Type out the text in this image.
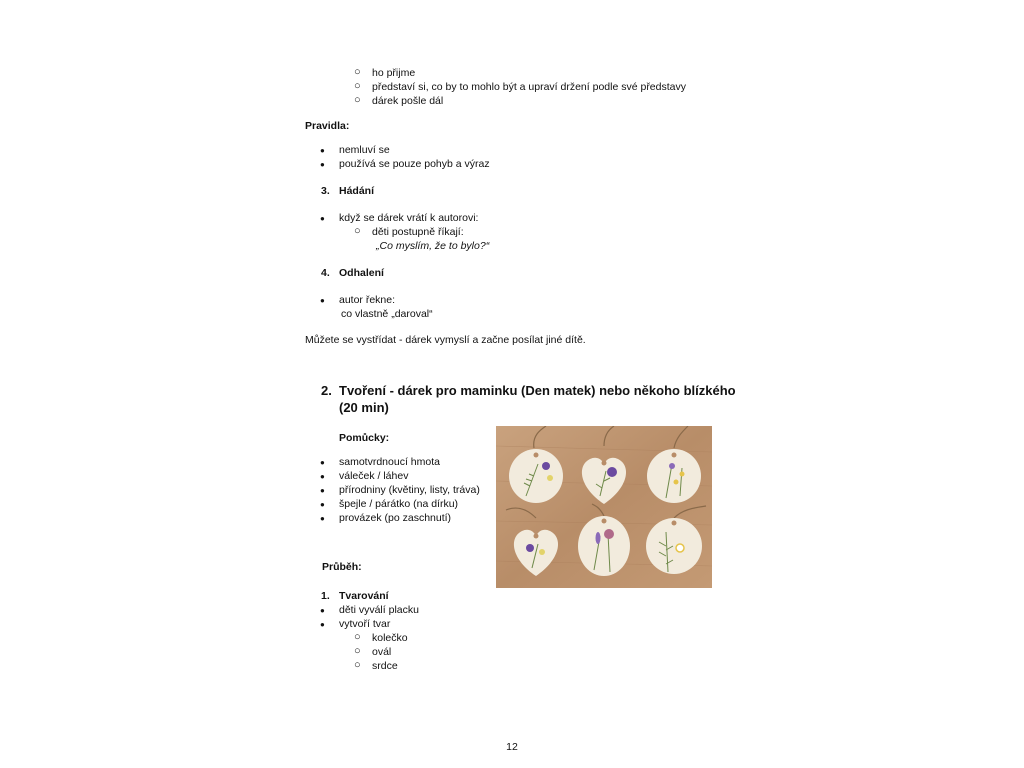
○ ho přijme
○ představí si, co by to mohlo být a upraví držení podle své představy
○ dárek pošle dál
Pravidla:
● nemluví se
● používá se pouze pohyb a výraz
3. Hádání
● když se dárek vrátí k autorovi:
○ děti postupně říkají:
„Co myslím, že to bylo?“
4. Odhalení
● autor řekne:
co vlastně „daroval“
Můžete se vystřídat - dárek vymyslí a začne posílat jiné dítě.
2. Tvoření - dárek pro maminku (Den matek) nebo někoho blízkého
(20 min)
Pomůcky:
● samotvrdnoucí hmota
● váleček / láhev
● přírodniny (květiny, listy, tráva)
● špejle / párátko (na dírku)
● provázek (po zaschnutí)
Průběh:
1. Tvarování
● děti vyválí placku
● vytvoří tvar
○ kolečko
○ ovál
○ srdce
12
